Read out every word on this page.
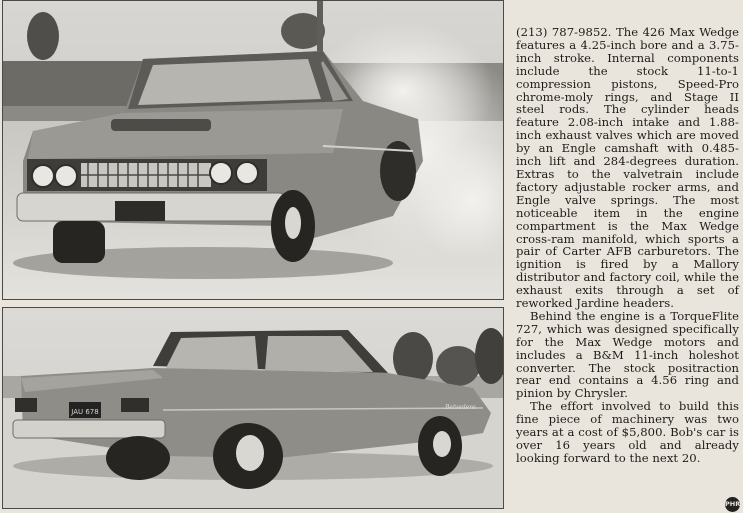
JAU 678
Belvedere

(213) 787-9852. The 426 Max Wedge features a 4.25-inch bore and a 3.75-inch stroke. Internal components include the stock 11-to-1 compression pistons, Speed-Pro chrome-moly rings, and Stage II steel rods. The cylinder heads feature 2.08-inch intake and 1.88-inch exhaust valves which are moved by an Engle camshaft with 0.485-inch lift and 284-degrees duration. Extras to the valvetrain include factory adjustable rocker arms, and Engle valve springs. The most noticeable item in the engine compartment is the Max Wedge cross-ram manifold, which sports a pair of Carter AFB carburetors. The ignition is fired by a Mallory distributor and factory coil, while the exhaust exits through a set of reworked Jardine headers.

Behind the engine is a TorqueFlite 727, which was designed specifically for the Max Wedge motors and includes a B&M 11-inch holeshot converter. The stock positraction rear end contains a 4.56 ring and pinion by Chrysler.

The effort involved to build this fine piece of machinery was two years at a cost of $5,800. Bob's car is over 16 years old and already looking forward to the next 20.

PHR
